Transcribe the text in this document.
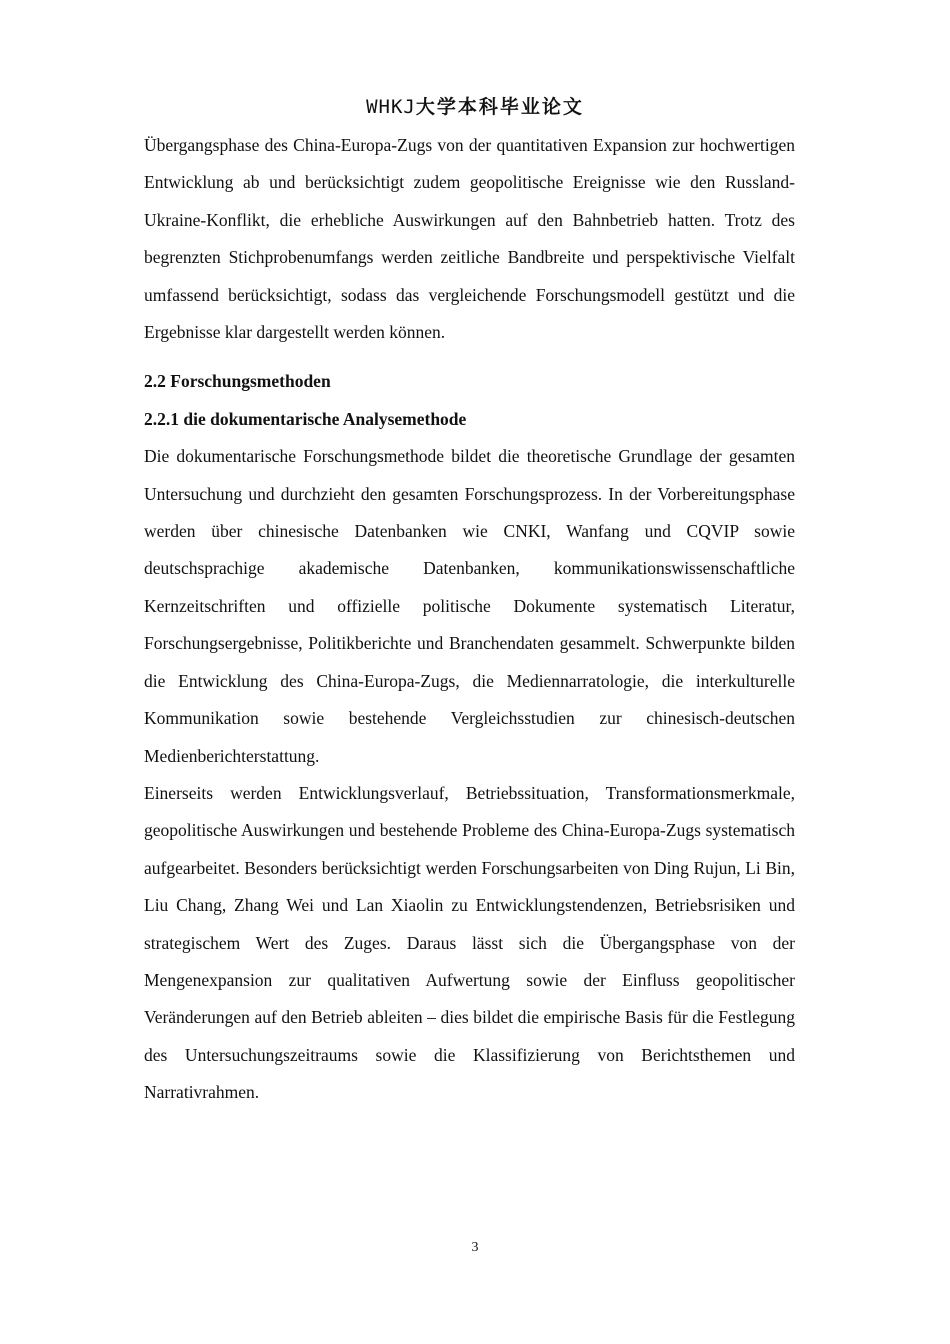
WHKJ大学本科毕业论文

Übergangsphase des China-Europa-Zugs von der quantitativen Expansion zur hochwertigen Entwicklung ab und berücksichtigt zudem geopolitische Ereignisse wie den Russland-Ukraine-Konflikt, die erhebliche Auswirkungen auf den Bahnbetrieb hatten. Trotz des begrenzten Stichprobenumfangs werden zeitliche Bandbreite und perspektivische Vielfalt umfassend berücksichtigt, sodass das vergleichende Forschungsmodell gestützt und die Ergebnisse klar dargestellt werden können.

2.2 Forschungsmethoden

2.2.1 die dokumentarische Analysemethode

Die dokumentarische Forschungsmethode bildet die theoretische Grundlage der gesamten Untersuchung und durchzieht den gesamten Forschungsprozess. In der Vorbereitungsphase werden über chinesische Datenbanken wie CNKI, Wanfang und CQVIP sowie deutschsprachige akademische Datenbanken, kommunikationswissenschaftliche Kernzeitschriften und offizielle politische Dokumente systematisch Literatur, Forschungsergebnisse, Politikberichte und Branchendaten gesammelt. Schwerpunkte bilden die Entwicklung des China-Europa-Zugs, die Mediennarratologie, die interkulturelle Kommunikation sowie bestehende Vergleichsstudien zur chinesisch-deutschen Medienberichterstattung.

Einerseits werden Entwicklungsverlauf, Betriebssituation, Transformationsmerkmale, geopolitische Auswirkungen und bestehende Probleme des China-Europa-Zugs systematisch aufgearbeitet. Besonders berücksichtigt werden Forschungsarbeiten von Ding Rujun, Li Bin, Liu Chang, Zhang Wei und Lan Xiaolin zu Entwicklungstendenzen, Betriebsrisiken und strategischem Wert des Zuges. Daraus lässt sich die Übergangsphase von der Mengenexpansion zur qualitativen Aufwertung sowie der Einfluss geopolitischer Veränderungen auf den Betrieb ableiten – dies bildet die empirische Basis für die Festlegung des Untersuchungszeitraums sowie die Klassifizierung von Berichtsthemen und Narrativrahmen.

3
